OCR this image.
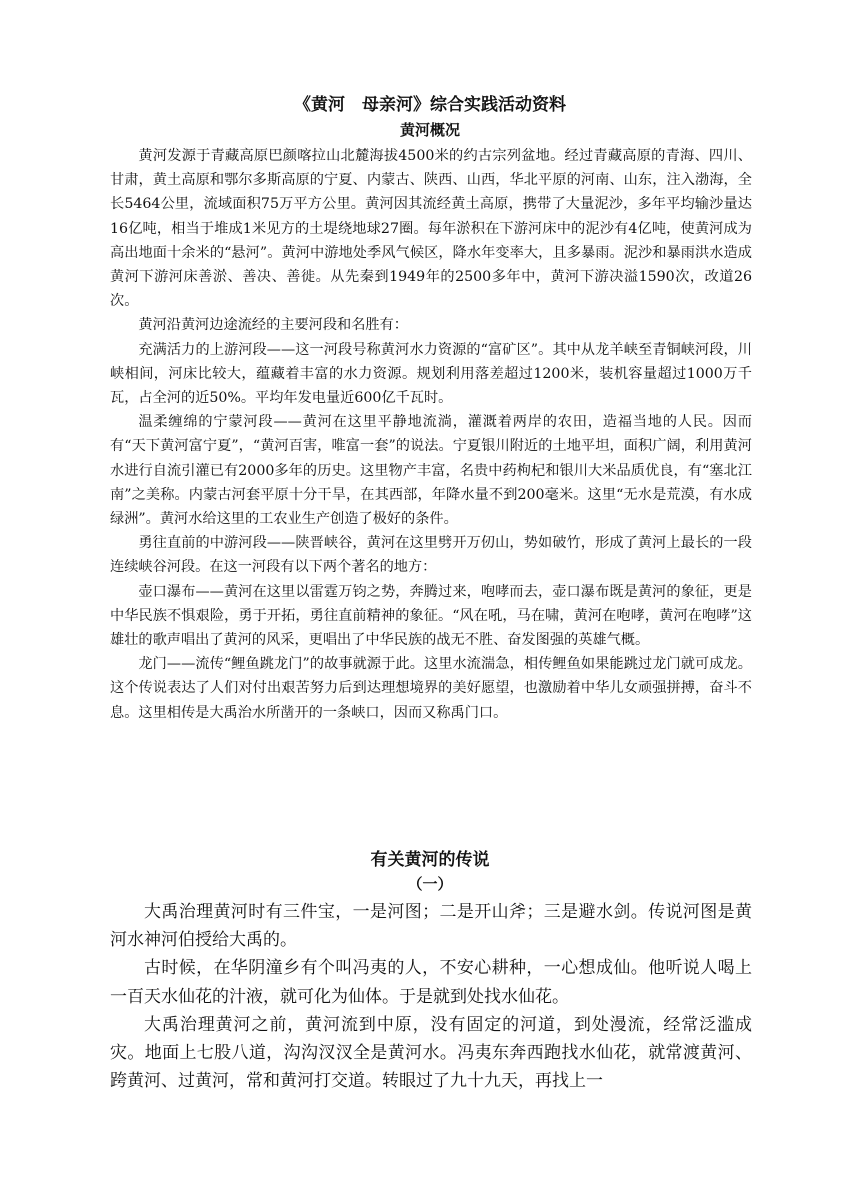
《黄河　母亲河》综合实践活动资料
黄河概况

黄河发源于青藏高原巴颜喀拉山北麓海拔4500米的约古宗列盆地。经过青藏高原的青海、四川、甘肃，黄土高原和鄂尔多斯高原的宁夏、内蒙古、陕西、山西，华北平原的河南、山东，注入渤海，全长5464公里，流域面积75万平方公里。黄河因其流经黄土高原，携带了大量泥沙，多年平均输沙量达16亿吨，相当于堆成1米见方的土堤绕地球27圈。每年淤积在下游河床中的泥沙有4亿吨，使黄河成为高出地面十余米的“悬河”。黄河中游地处季风气候区，降水年变率大，且多暴雨。泥沙和暴雨洪水造成黄河下游河床善淤、善决、善徙。从先秦到1949年的2500多年中，黄河下游决溢1590次，改道26次。

黄河沿黄河边途流经的主要河段和名胜有：

充满活力的上游河段——这一河段号称黄河水力资源的“富矿区”。其中从龙羊峡至青铜峡河段，川峡相间，河床比较大，蕴藏着丰富的水力资源。规划利用落差超过1200米，装机容量超过1000万千瓦，占全河的近50%。平均年发电量近600亿千瓦时。

温柔缠绵的宁蒙河段——黄河在这里平静地流淌，灌溉着两岸的农田，造福当地的人民。因而有“天下黄河富宁夏”，“黄河百害，唯富一套”的说法。宁夏银川附近的土地平坦，面积广阔，利用黄河水进行自流引灌已有2000多年的历史。这里物产丰富，名贵中药枸杞和银川大米品质优良，有“塞北江南”之美称。内蒙古河套平原十分干旱，在其西部，年降水量不到200毫米。这里“无水是荒漠，有水成绿洲”。黄河水给这里的工农业生产创造了极好的条件。

勇往直前的中游河段——陕晋峡谷，黄河在这里劈开万仞山，势如破竹，形成了黄河上最长的一段连续峡谷河段。在这一河段有以下两个著名的地方：

壶口瀑布——黄河在这里以雷霆万钧之势，奔腾过来，咆哮而去，壶口瀑布既是黄河的象征，更是中华民族不惧艰险，勇于开拓，勇往直前精神的象征。“风在吼，马在啸，黄河在咆哮，黄河在咆哮”这雄壮的歌声唱出了黄河的风采，更唱出了中华民族的战无不胜、奋发图强的英雄气概。

龙门——流传“鲤鱼跳龙门”的故事就源于此。这里水流湍急，相传鲤鱼如果能跳过龙门就可成龙。这个传说表达了人们对付出艰苦努力后到达理想境界的美好愿望，也激励着中华儿女顽强拼搏，奋斗不息。这里相传是大禹治水所凿开的一条峡口，因而又称禹门口。

有关黄河的传说
（一）

大禹治理黄河时有三件宝，一是河图；二是开山斧；三是避水剑。传说河图是黄河水神河伯授给大禹的。

古时候，在华阴潼乡有个叫冯夷的人，不安心耕种，一心想成仙。他听说人喝上一百天水仙花的汁液，就可化为仙体。于是就到处找水仙花。

大禹治理黄河之前，黄河流到中原，没有固定的河道，到处漫流，经常泛滥成灾。地面上七股八道，沟沟汊汊全是黄河水。冯夷东奔西跑找水仙花，就常渡黄河、跨黄河、过黄河，常和黄河打交道。转眼过了九十九天，再找上一
